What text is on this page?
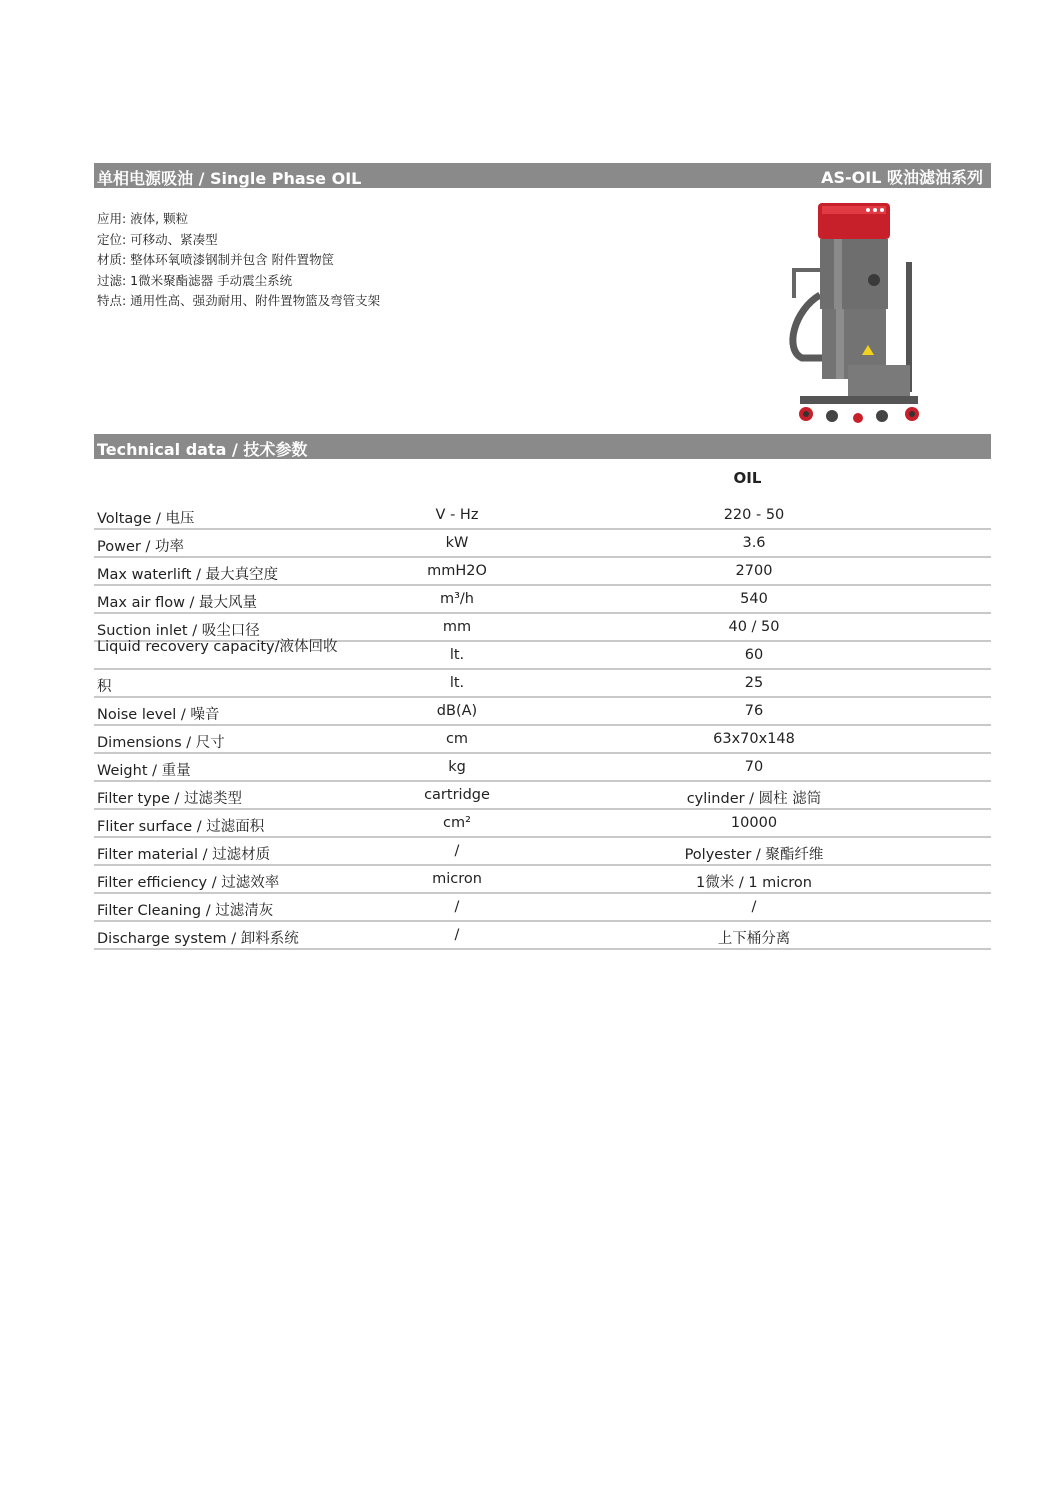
单相电源吸油 / Single Phase OIL	AS-OIL 吸油滤油系列
应用: 液体, 颗粒
定位: 可移动、紧凑型
材质: 整体环氧喷漆钢制并包含 附件置物筐
过滤: 1微米聚酯滤器 手动震尘系统
特点: 通用性高、强劲耐用、附件置物篮及弯管支架
Technical data / 技术参数
OIL
Voltage / 电压	V - Hz	220 - 50
Power / 功率	kW	3.6
Max waterlift / 最大真空度	mmH2O	2700
Max air flow / 最大风量	m³/h	540
Suction inlet / 吸尘口径	mm	40 / 50
Liquid recovery capacity/液体回收	lt.	60
积	lt.	25
Noise level / 噪音	dB(A)	76
Dimensions / 尺寸	cm	63x70x148
Weight / 重量	kg	70
Filter type / 过滤类型	cartridge	cylinder / 圆柱 滤筒
Fliter surface / 过滤面积	cm²	10000
Filter material / 过滤材质	/	Polyester / 聚酯纤维
Filter efficiency / 过滤效率	micron	1微米 / 1 micron
Filter Cleaning / 过滤清灰	/	/
Discharge system / 卸料系统	/	上下桶分离
